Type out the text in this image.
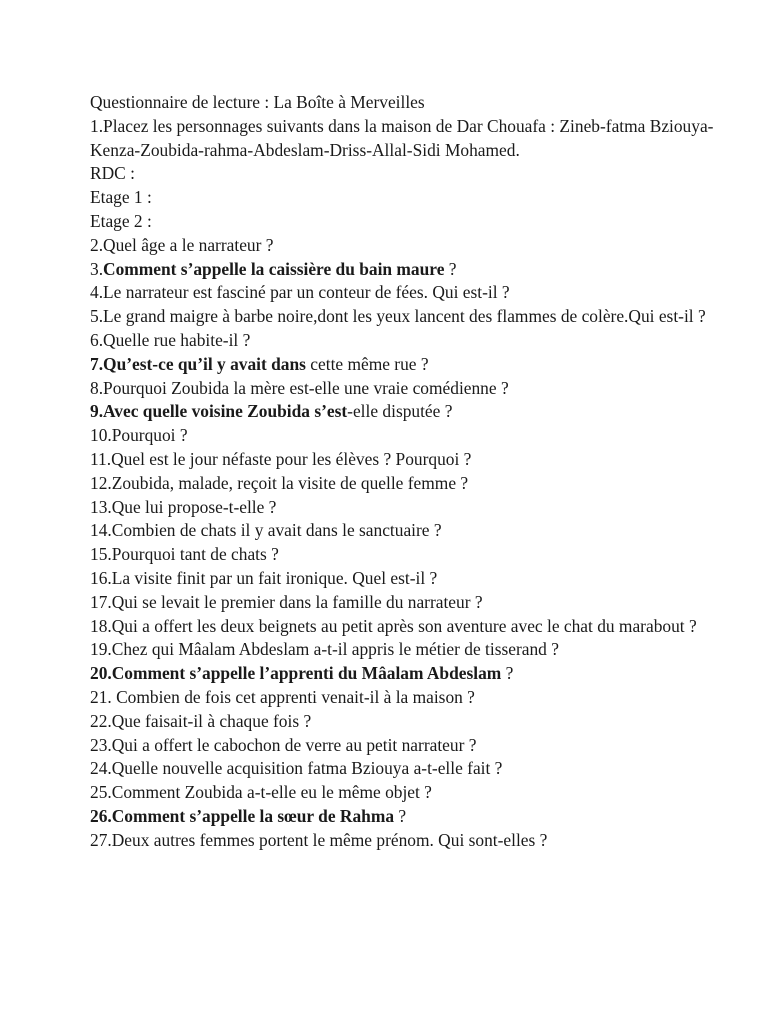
Questionnaire de lecture : La Boîte à Merveilles
1.Placez les personnages suivants dans la maison de Dar Chouafa : Zineb-fatma Bziouya-Kenza-Zoubida-rahma-Abdeslam-Driss-Allal-Sidi Mohamed.
RDC :
Etage 1 :
Etage 2 :
2.Quel âge a le narrateur ?
3.Comment s’appelle la caissière du bain maure ?
4.Le narrateur est fasciné par un conteur de fées. Qui est-il ?
5.Le grand maigre à barbe noire,dont les yeux lancent des flammes de colère.Qui est-il ?
6.Quelle rue habite-il ?
7.Qu’est-ce qu’il y avait dans cette même rue ?
8.Pourquoi Zoubida la mère est-elle une vraie comédienne ?
9.Avec quelle voisine Zoubida s’est-elle disputée ?
10.Pourquoi ?
11.Quel est le jour néfaste pour les élèves ? Pourquoi ?
12.Zoubida, malade, reçoit la visite de quelle femme ?
13.Que lui propose-t-elle ?
14.Combien de chats il y avait dans le sanctuaire ?
15.Pourquoi tant de chats ?
16.La visite finit par un fait ironique. Quel est-il ?
17.Qui se levait le premier dans la famille du narrateur ?
18.Qui a offert les deux beignets au petit après son aventure avec le chat du marabout ?
19.Chez qui Mâalam Abdeslam a-t-il appris le métier de tisserand ?
20.Comment s’appelle l’apprenti du Mâalam Abdeslam ?
21. Combien de fois cet apprenti venait-il à la maison ?
22.Que faisait-il à chaque fois ?
23.Qui a offert le cabochon de verre au petit narrateur ?
24.Quelle nouvelle acquisition fatma Bziouya a-t-elle fait ?
25.Comment Zoubida a-t-elle eu le même objet ?
26.Comment s’appelle la sœur de Rahma ?
27.Deux autres femmes portent le même prénom. Qui sont-elles ?
